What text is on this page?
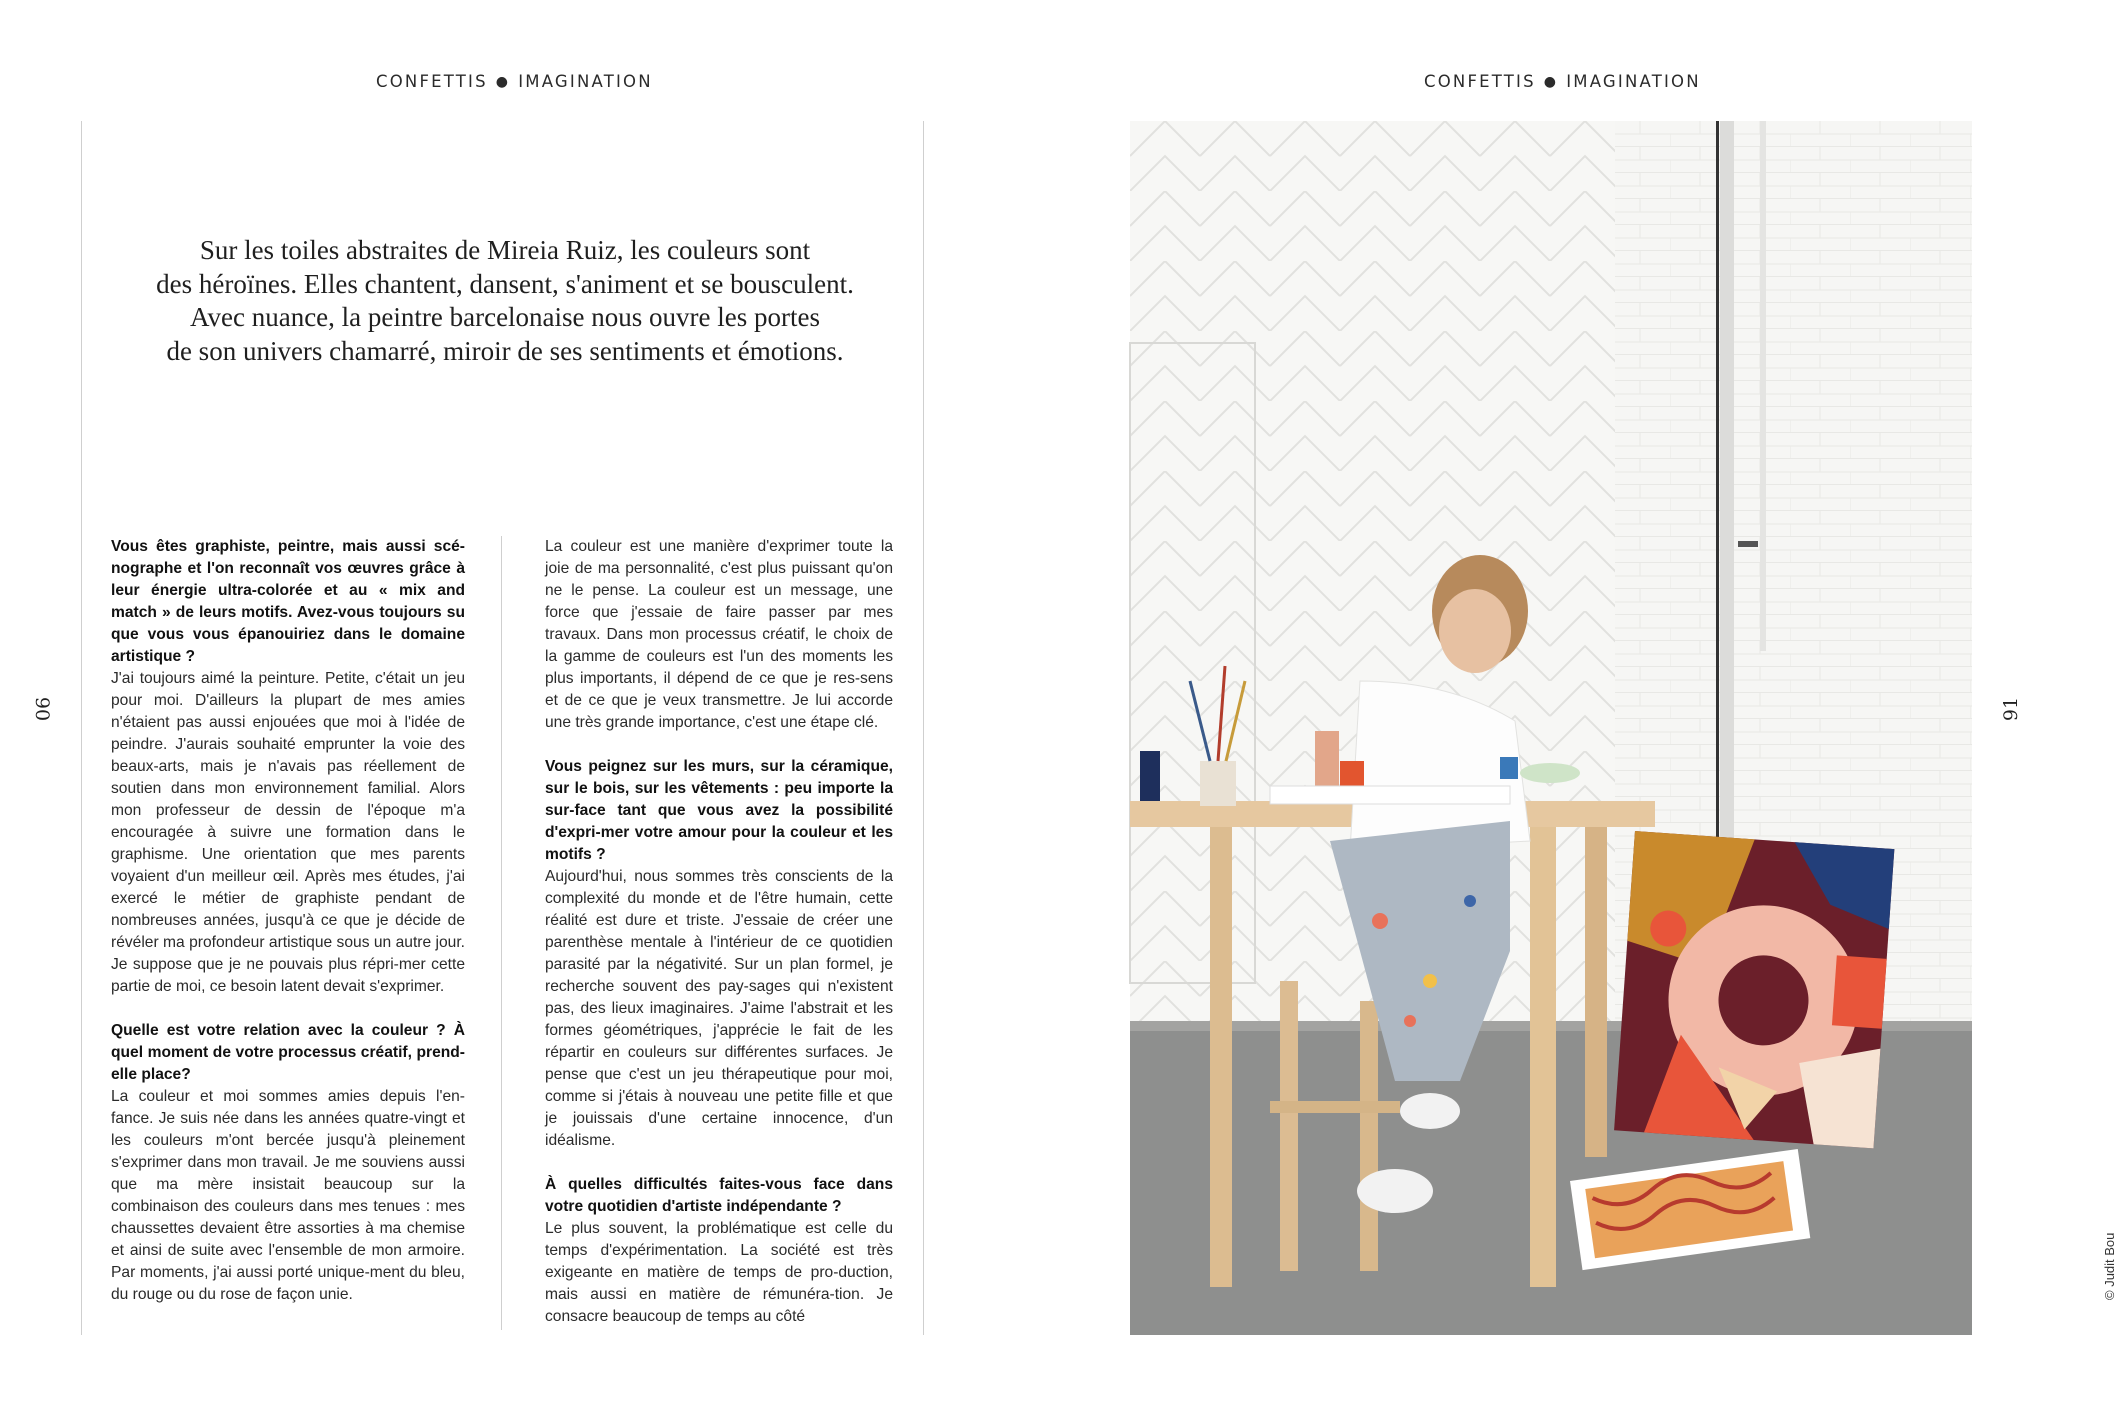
CONFETTIS ● IMAGINATION
90

Sur les toiles abstraites de Mireia Ruiz, les couleurs sont

des héroïnes. Elles chantent, dansent, s'animent et se bousculent.

Avec nuance, la peintre barcelonaise nous ouvre les portes

de son univers chamarré, miroir de ses sentiments et émotions.

Vous êtes graphiste, peintre, mais aussi scé-nographe et l'on reconnaît vos œuvres grâce à leur énergie ultra-colorée et au « mix and match » de leurs motifs. Avez-vous toujours su que vous vous épanouiriez dans le domaine artistique ?

J'ai toujours aimé la peinture. Petite, c'était un jeu pour moi. D'ailleurs la plupart de mes amies n'étaient pas aussi enjouées que moi à l'idée de peindre. J'aurais souhaité emprunter la voie des beaux-arts, mais je n'avais pas réellement de soutien dans mon environnement familial. Alors mon professeur de dessin de l'époque m'a encouragée à suivre une formation dans le graphisme. Une orientation que mes parents voyaient d'un meilleur œil. Après mes études, j'ai exercé le métier de graphiste pendant de nombreuses années, jusqu'à ce que je décide de révéler ma profondeur artistique sous un autre jour. Je suppose que je ne pouvais plus répri-mer cette partie de moi, ce besoin latent devait s'exprimer.

Quelle est votre relation avec la couleur ? À quel moment de votre processus créatif, prend-elle place?

La couleur et moi sommes amies depuis l'en-fance. Je suis née dans les années quatre-vingt et les couleurs m'ont bercée jusqu'à pleinement s'exprimer dans mon travail. Je me souviens aussi que ma mère insistait beaucoup sur la combinaison des couleurs dans mes tenues : mes chaussettes devaient être assorties à ma chemise et ainsi de suite avec l'ensemble de mon armoire. Par moments, j'ai aussi porté unique-ment du bleu, du rouge ou du rose de façon unie.

La couleur est une manière d'exprimer toute la joie de ma personnalité, c'est plus puissant qu'on ne le pense. La couleur est un message, une force que j'essaie de faire passer par mes travaux. Dans mon processus créatif, le choix de la gamme de couleurs est l'un des moments les plus importants, il dépend de ce que je res-sens et de ce que je veux transmettre. Je lui accorde une très grande importance, c'est une étape clé.

Vous peignez sur les murs, sur la céramique, sur le bois, sur les vêtements : peu importe la sur-face tant que vous avez la possibilité d'expri-mer votre amour pour la couleur et les motifs ?

Aujourd'hui, nous sommes très conscients de la complexité du monde et de l'être humain, cette réalité est dure et triste. J'essaie de créer une parenthèse mentale à l'intérieur de ce quotidien parasité par la négativité. Sur un plan formel, je recherche souvent des pay-sages qui n'existent pas, des lieux imaginaires. J'aime l'abstrait et les formes géométriques, j'apprécie le fait de les répartir en couleurs sur différentes surfaces. Je pense que c'est un jeu thérapeutique pour moi, comme si j'étais à nouveau une petite fille et que je jouissais d'une certaine innocence, d'un idéalisme.

À quelles difficultés faites-vous face dans votre quotidien d'artiste indépendante ?

Le plus souvent, la problématique est celle du temps d'expérimentation. La société est très exigeante en matière de temps de pro-duction, mais aussi en matière de rémunéra-tion. Je consacre beaucoup de temps au côté

CONFETTIS ● IMAGINATION
91
© Judit Bou
